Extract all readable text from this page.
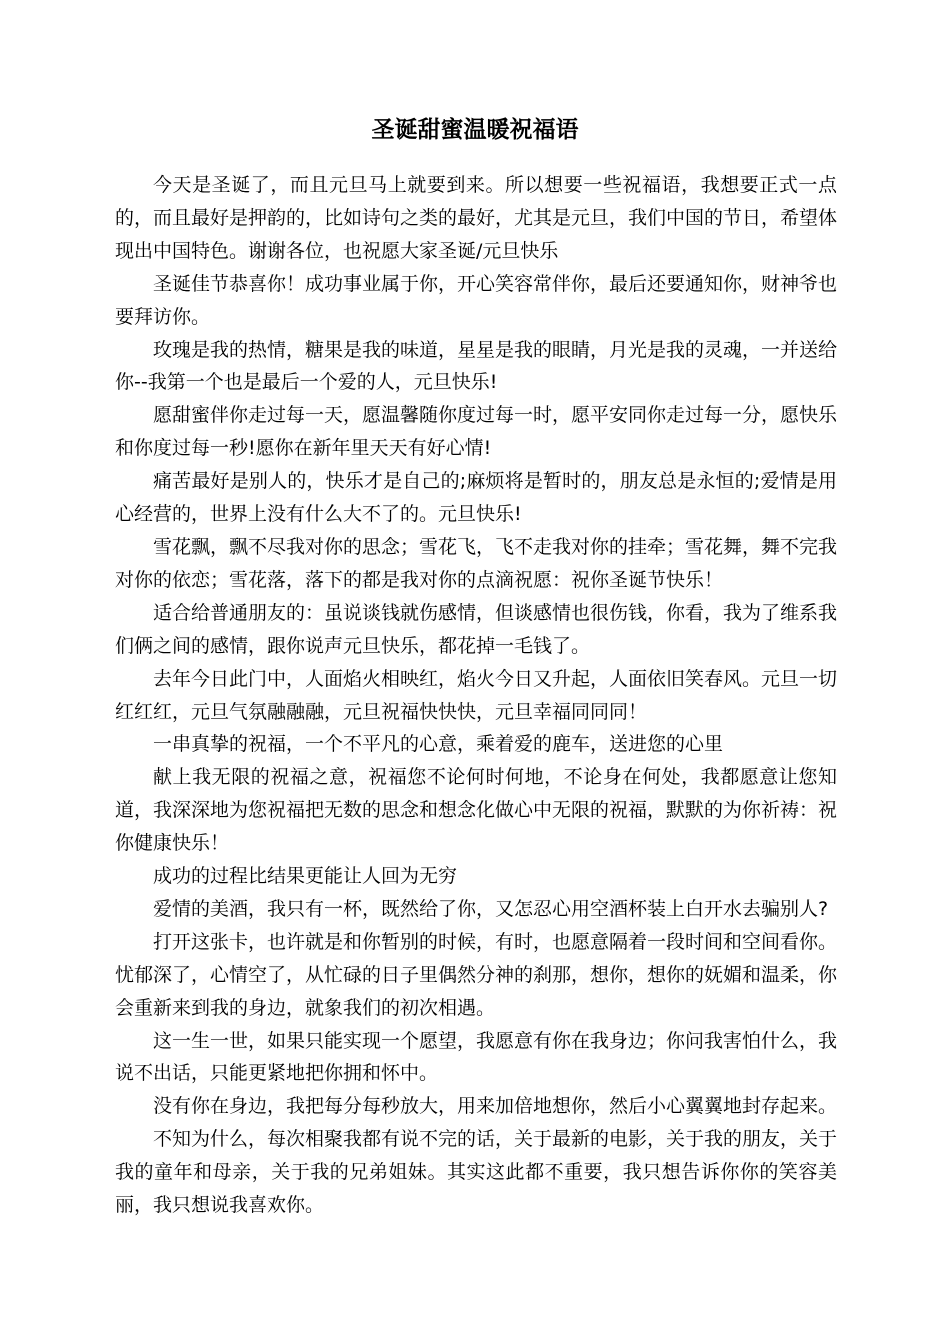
圣诞甜蜜温暖祝福语

今天是圣诞了，而且元旦马上就要到来。所以想要一些祝福语，我想要正式一点的，而且最好是押韵的，比如诗句之类的最好，尤其是元旦，我们中国的节日，希望体现出中国特色。谢谢各位，也祝愿大家圣诞/元旦快乐

圣诞佳节恭喜你！成功事业属于你，开心笑容常伴你，最后还要通知你，财神爷也要拜访你。

玫瑰是我的热情，糖果是我的味道，星星是我的眼睛，月光是我的灵魂，一并送给你--我第一个也是最后一个爱的人，元旦快乐!

愿甜蜜伴你走过每一天，愿温馨随你度过每一时，愿平安同你走过每一分，愿快乐和你度过每一秒!愿你在新年里天天有好心情!

痛苦最好是别人的，快乐才是自己的;麻烦将是暂时的，朋友总是永恒的;爱情是用心经营的，世界上没有什么大不了的。元旦快乐!

雪花飘，飘不尽我对你的思念；雪花飞，飞不走我对你的挂牵；雪花舞，舞不完我对你的依恋；雪花落，落下的都是我对你的点滴祝愿：祝你圣诞节快乐！

适合给普通朋友的：虽说谈钱就伤感情，但谈感情也很伤钱，你看，我为了维系我们俩之间的感情，跟你说声元旦快乐，都花掉一毛钱了。

去年今日此门中，人面焰火相映红，焰火今日又升起，人面依旧笑春风。元旦一切红红红，元旦气氛融融融，元旦祝福快快快，元旦幸福同同同！

一串真挚的祝福，一个不平凡的心意，乘着爱的鹿车，送进您的心里

献上我无限的祝福之意，祝福您不论何时何地，不论身在何处，我都愿意让您知道，我深深地为您祝福把无数的思念和想念化做心中无限的祝福，默默的为你祈祷：祝你健康快乐！

成功的过程比结果更能让人回为无穷

爱情的美酒，我只有一杯，既然给了你，又怎忍心用空酒杯装上白开水去骗别人?

打开这张卡，也许就是和你暂别的时候，有时，也愿意隔着一段时间和空间看你。忧郁深了，心情空了，从忙碌的日子里偶然分神的刹那，想你，想你的妩媚和温柔，你会重新来到我的身边，就象我们的初次相遇。

这一生一世，如果只能实现一个愿望，我愿意有你在我身边；你问我害怕什么，我说不出话，只能更紧地把你拥和怀中。

没有你在身边，我把每分每秒放大，用来加倍地想你，然后小心翼翼地封存起来。

不知为什么，每次相聚我都有说不完的话，关于最新的电影，关于我的朋友，关于我的童年和母亲，关于我的兄弟姐妹。其实这此都不重要，我只想告诉你你的笑容美丽，我只想说我喜欢你。
